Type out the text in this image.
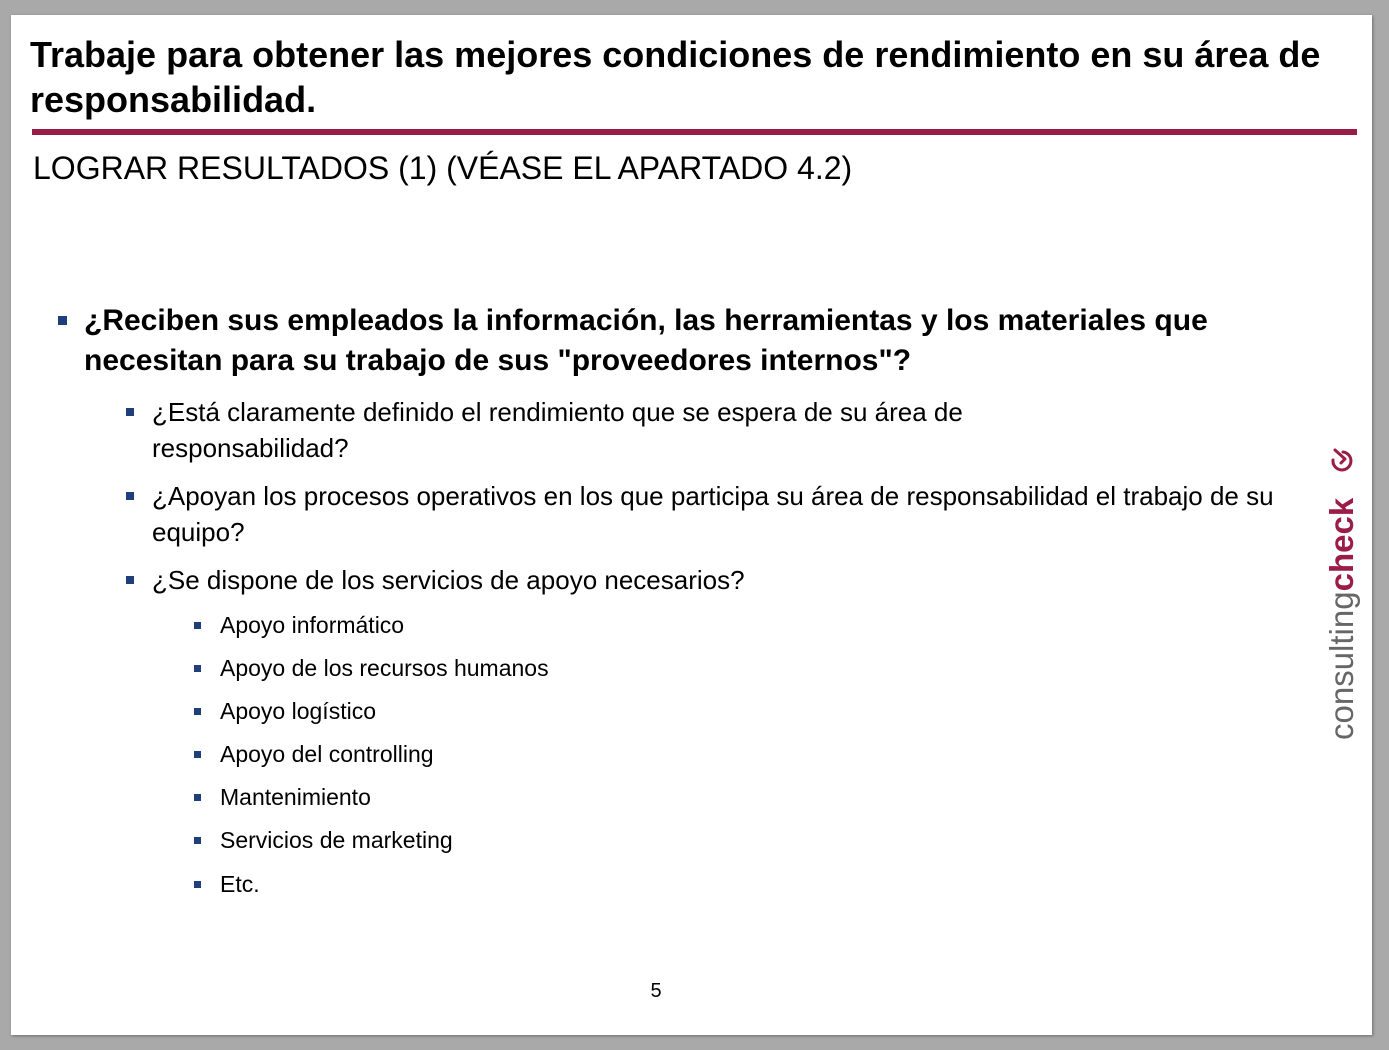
Trabaje para obtener las mejores condiciones de rendimiento en su área de responsabilidad.
LOGRAR RESULTADOS (1) (VÉASE EL APARTADO 4.2)
¿Reciben sus empleados la información, las herramientas y los materiales que necesitan para su trabajo de sus "proveedores internos"?
¿Está claramente definido el rendimiento que se espera de su área de responsabilidad?
¿Apoyan los procesos operativos en los que participa su área de responsabilidad el trabajo de su equipo?
¿Se dispone de los servicios de apoyo necesarios?
Apoyo informático
Apoyo de los recursos humanos
Apoyo logístico
Apoyo del controlling
Mantenimiento
Servicios de marketing
Etc.
5
consultingcheck
